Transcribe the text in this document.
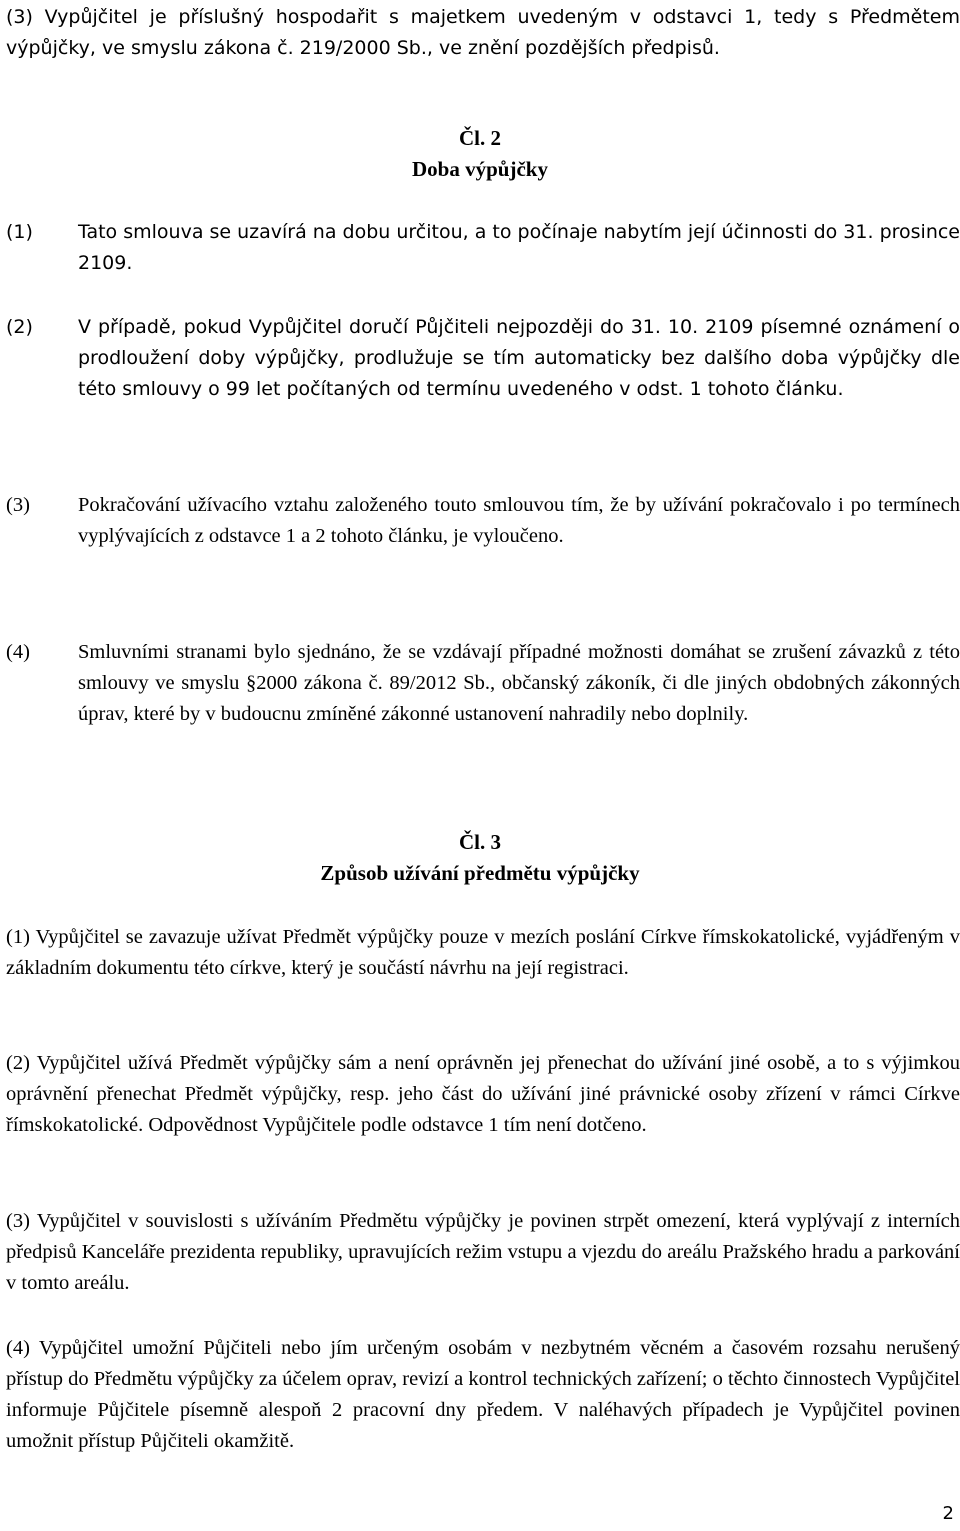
(3) Vypůjčitel je příslušný hospodařit s majetkem uvedeným v odstavci 1, tedy s Předmětem výpůjčky, ve smyslu zákona č. 219/2000 Sb., ve znění pozdějších předpisů.

Čl. 2

Doba výpůjčky

(1)	Tato smlouva se uzavírá na dobu určitou, a to počínaje nabytím její účinnosti do 31. prosince 2109.
(2)	V případě, pokud Vypůjčitel doručí Půjčiteli nejpozději do 31. 10. 2109 písemné oznámení o prodloužení doby výpůjčky, prodlužuje se tím automaticky bez dalšího doba výpůjčky dle této smlouvy o 99 let počítaných od termínu uvedeného v odst. 1 tohoto článku.
(3)	Pokračování užívacího vztahu založeného touto smlouvou tím, že by užívání pokračovalo i po termínech vyplývajících z odstavce 1 a 2 tohoto článku, je vyloučeno.
(4)	Smluvními stranami bylo sjednáno, že se vzdávají případné možnosti domáhat se zrušení závazků z této smlouvy ve smyslu §2000 zákona č. 89/2012 Sb., občanský zákoník, či dle jiných obdobných zákonných úprav, které by v budoucnu zmíněné zákonné ustanovení nahradily nebo doplnily.

Čl. 3

Způsob užívání předmětu výpůjčky

(1) Vypůjčitel se zavazuje užívat Předmět výpůjčky pouze v mezích poslání Církve římskokatolické, vyjádřeným v základním dokumentu této církve, který je součástí návrhu na její registraci.

(2) Vypůjčitel užívá Předmět výpůjčky sám a není oprávněn jej přenechat do užívání jiné osobě, a to s výjimkou oprávnění přenechat Předmět výpůjčky, resp. jeho část do užívání jiné právnické osoby zřízení v rámci Církve římskokatolické. Odpovědnost Vypůjčitele podle odstavce 1 tím není dotčeno.

(3) Vypůjčitel v souvislosti s užíváním Předmětu výpůjčky je povinen strpět omezení, která vyplývají z interních předpisů Kanceláře prezidenta republiky, upravujících režim vstupu a vjezdu do areálu Pražského hradu a parkování v tomto areálu.

(4) Vypůjčitel umožní Půjčiteli nebo jím určeným osobám v nezbytném věcném a časovém rozsahu nerušený přístup do Předmětu výpůjčky za účelem oprav, revizí a kontrol technických zařízení; o těchto činnostech Vypůjčitel informuje Půjčitele písemně alespoň 2 pracovní dny předem. V naléhavých případech je Vypůjčitel povinen umožnit přístup Půjčiteli okamžitě.

2
